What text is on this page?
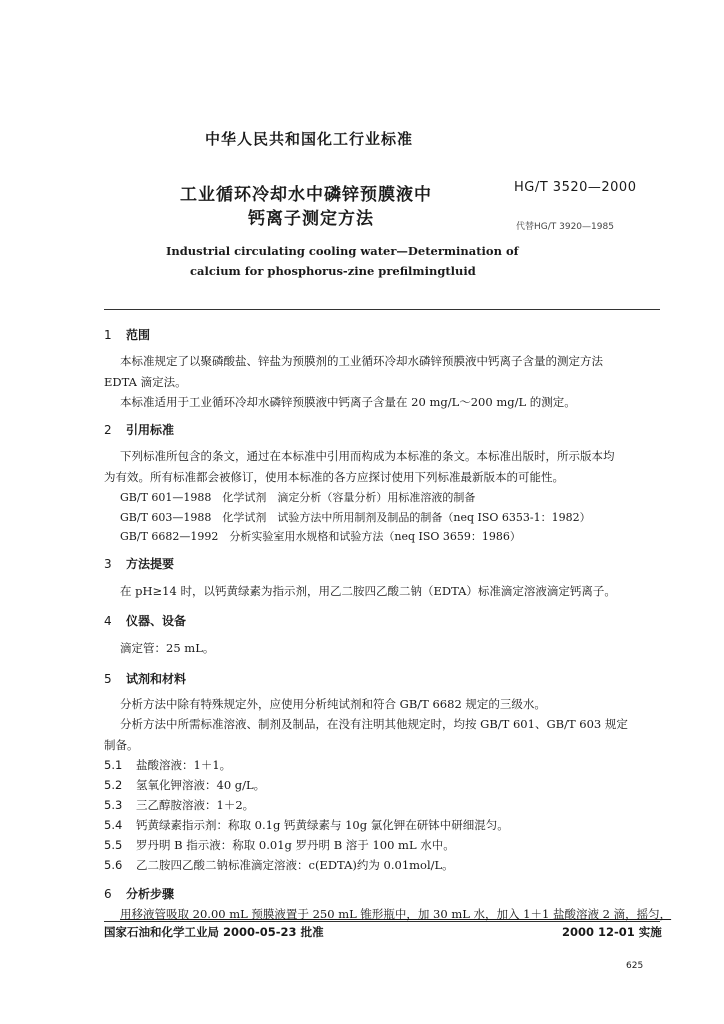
中华人民共和国化工行业标准
工业循环冷却水中磷锌预膜液中
钙离子测定方法
HG/T 3520—2000
代替HG/T 3920—1985
Industrial circulating cooling water—Determination of
calcium for phosphorus-zine prefilmingtluid
1 范围
本标准规定了以聚磷酸盐、锌盐为预膜剂的工业循环冷却水磷锌预膜液中钙离子含量的测定方法
EDTA 滴定法。
本标准适用于工业循环冷却水磷锌预膜液中钙离子含量在 20 mg/L～200 mg/L 的测定。
2 引用标准
下列标准所包含的条文，通过在本标准中引用而构成为本标准的条文。本标准出版时，所示版本均
为有效。所有标准都会被修订，使用本标准的各方应探讨使用下列标准最新版本的可能性。
GB/T 601—1988　化学试剂　滴定分析（容量分析）用标准溶液的制备
GB/T 603—1988　化学试剂　试验方法中所用制剂及制品的制备（neq ISO 6353-1：1982）
GB/T 6682—1992　分析实验室用水规格和试验方法（neq ISO 3659：1986）
3 方法提要
在 pH≥14 时，以钙黄绿素为指示剂，用乙二胺四乙酸二钠（EDTA）标准滴定溶液滴定钙离子。
4 仪器、设备
滴定管：25 mL。
5 试剂和材料
分析方法中除有特殊规定外，应使用分析纯试剂和符合 GB/T 6682 规定的三级水。
分析方法中所需标准溶液、制剂及制品，在没有注明其他规定时，均按 GB/T 601、GB/T 603 规定
制备。
5.1 盐酸溶液：1＋1。
5.2 氢氧化钾溶液：40 g/L。
5.3 三乙醇胺溶液：1＋2。
5.4 钙黄绿素指示剂：称取 0.1g 钙黄绿素与 10g 氯化钾在研钵中研细混匀。
5.5 罗丹明 B 指示液：称取 0.01g 罗丹明 B 溶于 100 mL 水中。
5.6 乙二胺四乙酸二钠标准滴定溶液：c(EDTA)约为 0.01mol/L。
6 分析步骤
用移液管吸取 20.00 mL 预膜液置于 250 mL 锥形瓶中，加 30 mL 水，加入 1＋1 盐酸溶液 2 滴，摇匀，
国家石油和化学工业局 2000-05-23 批准	2000 12-01 实施
625
